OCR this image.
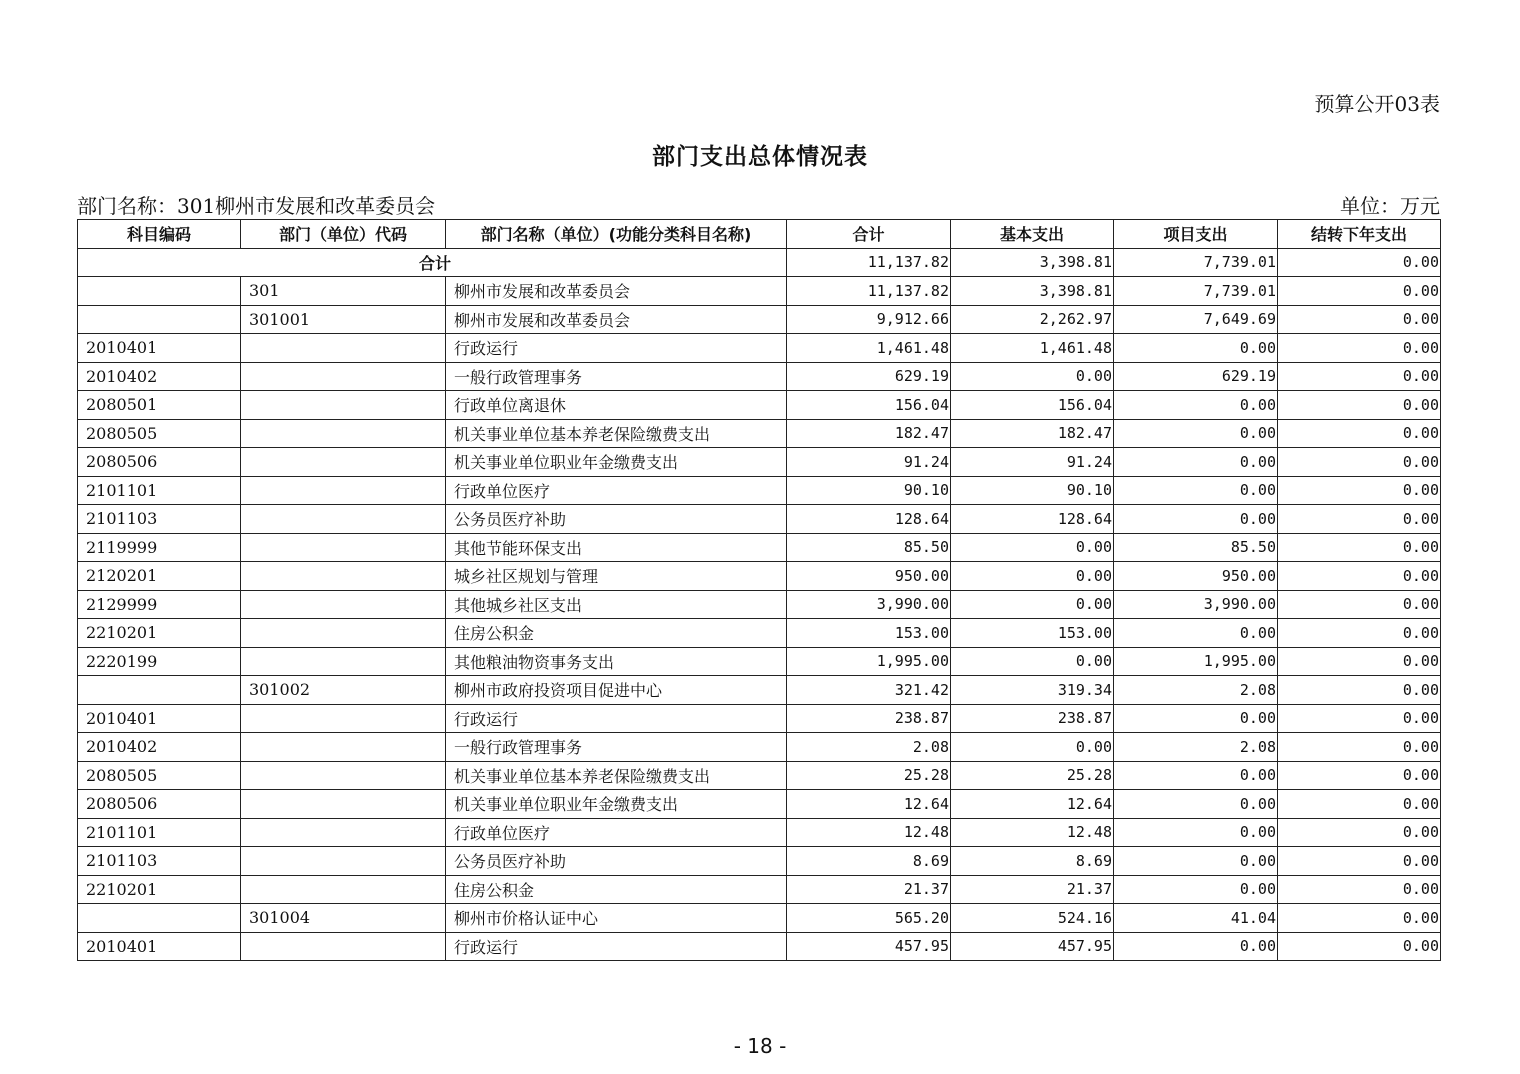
预算公开03表
部门支出总体情况表
部门名称：301柳州市发展和改革委员会	单位：万元
科目编码	部门（单位）代码	部门名称（单位）(功能分类科目名称)	合计	基本支出	项目支出	结转下年支出
合计			11,137.82	3,398.81	7,739.01	0.00
	301	柳州市发展和改革委员会	11,137.82	3,398.81	7,739.01	0.00
	301001	柳州市发展和改革委员会	9,912.66	2,262.97	7,649.69	0.00
2010401		行政运行	1,461.48	1,461.48	0.00	0.00
2010402		一般行政管理事务	629.19	0.00	629.19	0.00
2080501		行政单位离退休	156.04	156.04	0.00	0.00
2080505		机关事业单位基本养老保险缴费支出	182.47	182.47	0.00	0.00
2080506		机关事业单位职业年金缴费支出	91.24	91.24	0.00	0.00
2101101		行政单位医疗	90.10	90.10	0.00	0.00
2101103		公务员医疗补助	128.64	128.64	0.00	0.00
2119999		其他节能环保支出	85.50	0.00	85.50	0.00
2120201		城乡社区规划与管理	950.00	0.00	950.00	0.00
2129999		其他城乡社区支出	3,990.00	0.00	3,990.00	0.00
2210201		住房公积金	153.00	153.00	0.00	0.00
2220199		其他粮油物资事务支出	1,995.00	0.00	1,995.00	0.00
	301002	柳州市政府投资项目促进中心	321.42	319.34	2.08	0.00
2010401		行政运行	238.87	238.87	0.00	0.00
2010402		一般行政管理事务	2.08	0.00	2.08	0.00
2080505		机关事业单位基本养老保险缴费支出	25.28	25.28	0.00	0.00
2080506		机关事业单位职业年金缴费支出	12.64	12.64	0.00	0.00
2101101		行政单位医疗	12.48	12.48	0.00	0.00
2101103		公务员医疗补助	8.69	8.69	0.00	0.00
2210201		住房公积金	21.37	21.37	0.00	0.00
	301004	柳州市价格认证中心	565.20	524.16	41.04	0.00
2010401		行政运行	457.95	457.95	0.00	0.00
- 18 -
